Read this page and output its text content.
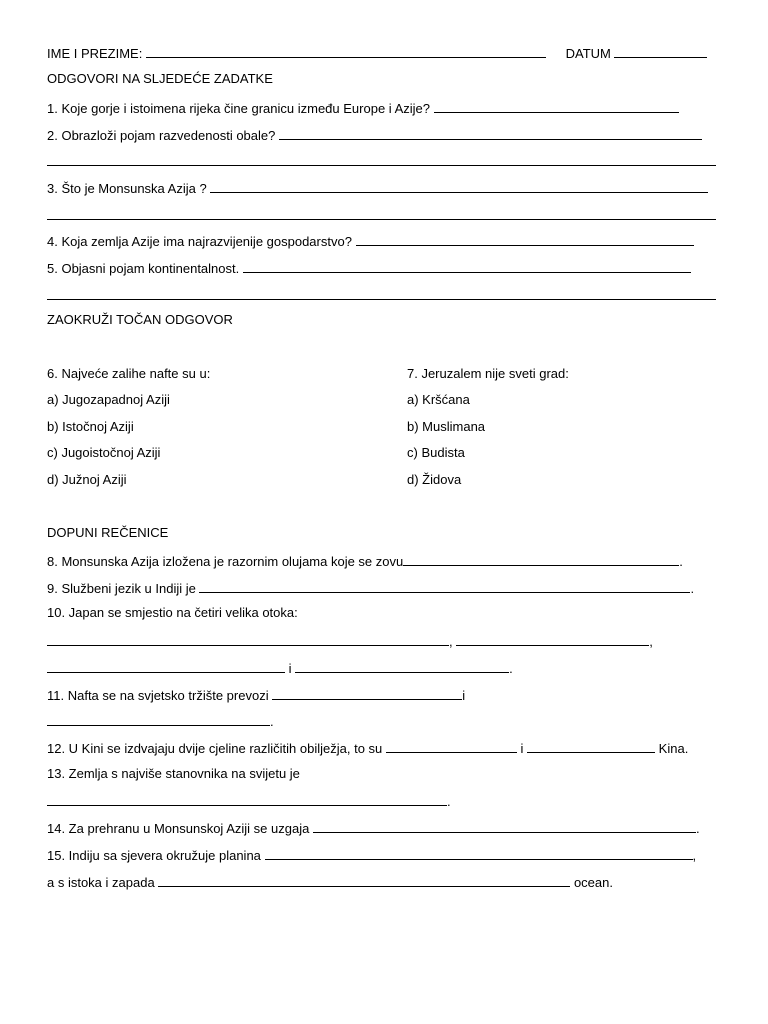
IME I PREZIME:	DATUM
ODGOVORI NA SLJEDEĆE ZADATKE
1. Koje gorje i istoimena rijeka čine granicu između Europe i Azije?
2. Obrazloži pojam razvedenosti obale?
3. Što je Monsunska Azija ?
4. Koja zemlja Azije ima najrazvijenije gospodarstvo?
5. Objasni pojam kontinentalnost.
ZAOKRUŽI TOČAN ODGOVOR
6. Najveće zalihe nafte su u:
a) Jugozapadnoj Aziji
b) Istočnoj Aziji
c) Jugoistočnoj Aziji
d) Južnoj Aziji
7. Jeruzalem nije sveti grad:
a) Kršćana
b) Muslimana
c) Budista
d) Židova
DOPUNI REČENICE
8. Monsunska Azija izložena je razornim olujama koje se zovu	.
9. Službeni jezik u Indiji je	.
10. Japan se smjestio na četiri velika otoka:
,	,
i	.
11. Nafta se na svjetsko tržište prevozi	i
.
12. U Kini se izdvajaju dvije cjeline različitih obilježja, to su	i	Kina.
13. Zemlja s najviše stanovnika na svijetu je
.
14. Za prehranu u Monsunskoj Aziji se uzgaja	.
15. Indiju sa sjevera okružuje planina	,
a s istoka i zapada	ocean.
